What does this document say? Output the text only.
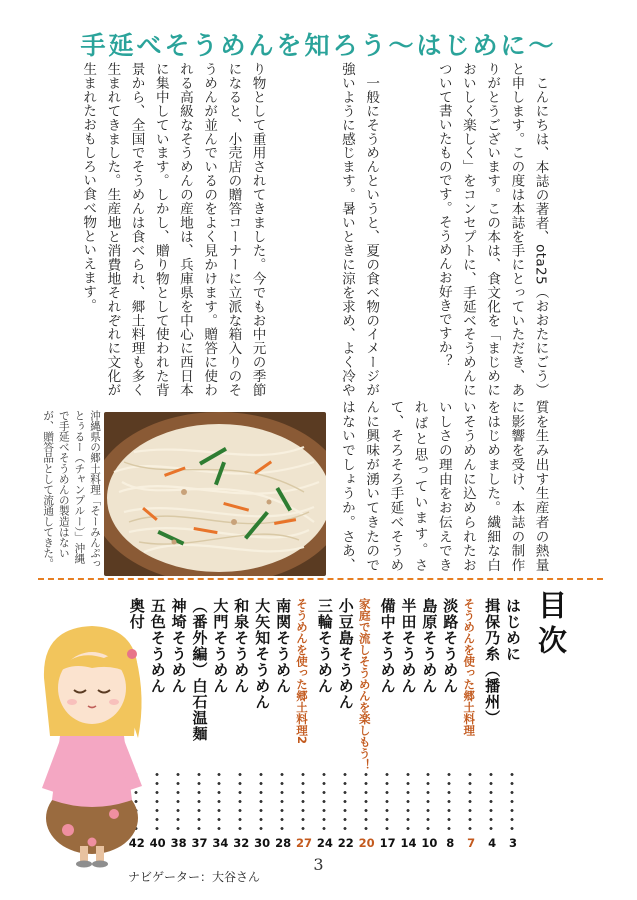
手延べそうめんを知ろう〜はじめに〜

　こんにちは、本誌の著者、ota25（おおたにごう）と申します。この度は本誌を手にとっていただき、ありがとうございます。この本は、食文化を「まじめにおいしく楽しく」をコンセプトに、手延べそうめんについて書いたものです。そうめんお好きですか？

　一般にそうめんというと、夏の食べ物のイメージが強いように感じます。暑いときに涼を求め、よく冷や

り物として重用されてきました。今でもお中元の季節になると、小売店の贈答コーナーに立派な箱入りのそうめんが並んでいるのをよく見かけます。贈答に使われる高級なそうめんの産地は、兵庫県を中心に西日本に集中しています。しかし、贈り物として使われた背景から、全国でそうめんは食べられ、郷土料理も多く生まれてきました。生産地と消費地それぞれに文化が生まれたおもしろい食べ物といえます。

質を生み出す生産者の熱量に影響を受け、本誌の制作をはじめました。繊細な白いそうめんに込められたおいしさの理由をお伝えできればと思っています。さて、そろそろ手延べそうめんに興味が湧いてきたのではないでしょうか。さあ、

沖縄県の郷土料理「そーみんぷっとぅるー（チャンプルー）」沖縄で手延べそうめんの製造はないが、贈答品として流通してきた。
目次
はじめに
3
揖保乃糸（播州）
4
そうめんを使った郷土料理
7
淡路そうめん
8
島原そうめん
10
半田そうめん
14
備中そうめん
17
家庭で流しそうめんを楽しもう！
20
小豆島そうめん
22
三輪そうめん
24
そうめんを使った郷土料理2
27
南関そうめん
28
大矢知そうめん
30
和泉そうめん
32
大門そうめん
34
（番外編）白石温麺
37
神埼そうめん
38
五色そうめん
40
奥付
42
ナビゲーター：大谷さん
3
